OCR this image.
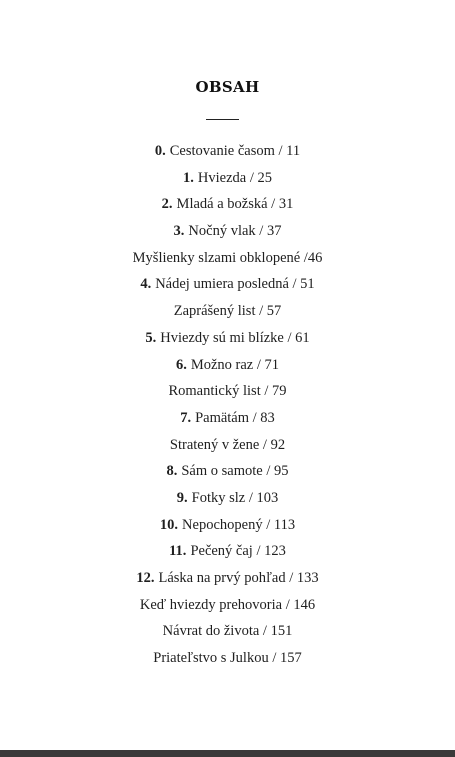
OBSAH
0. Cestovanie časom / 11
1. Hviezda / 25
2. Mladá a božská / 31
3. Nočný vlak / 37
Myšlienky slzami obklopené /46
4. Nádej umiera posledná / 51
Zaprášený list / 57
5. Hviezdy sú mi blízke / 61
6. Možno raz / 71
Romantický list / 79
7. Pamätám / 83
Stratený v žene / 92
8. Sám o samote / 95
9. Fotky slz / 103
10. Nepochopený / 113
11. Pečený čaj / 123
12. Láska na prvý pohľad / 133
Keď hviezdy prehovoria / 146
Návrat do života / 151
Priateľstvo s Julkou / 157
